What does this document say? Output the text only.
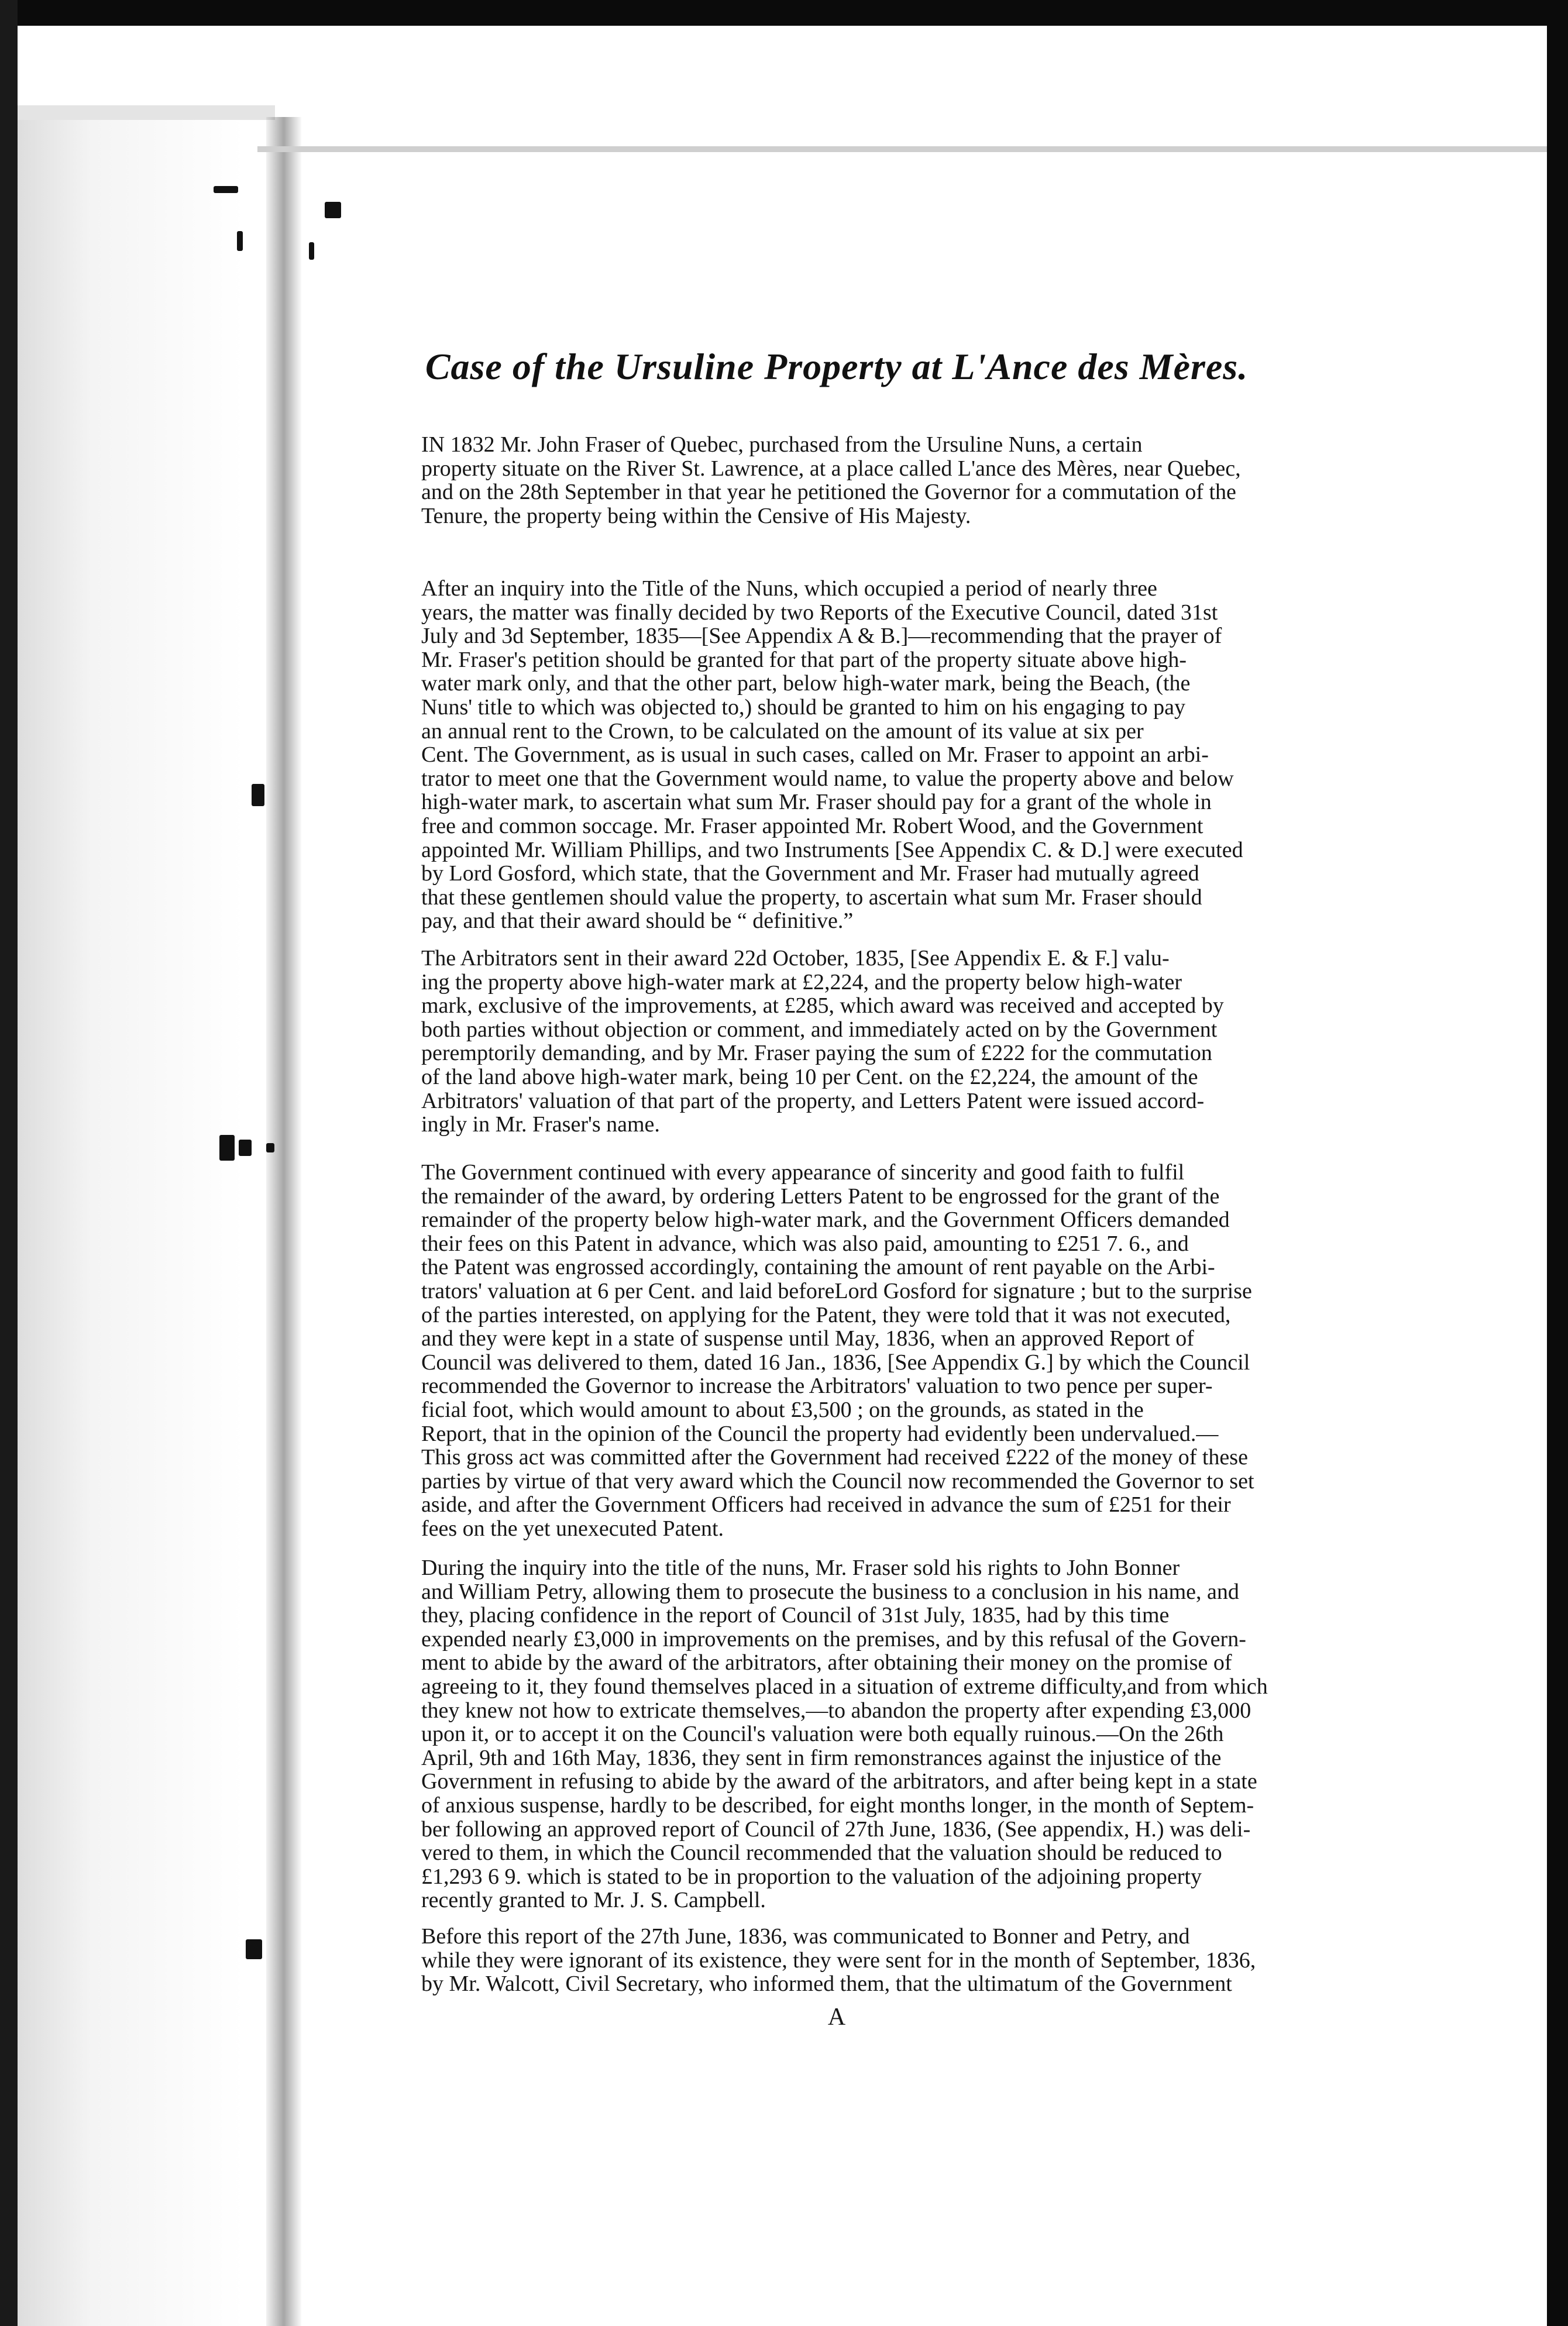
Case of the Ursuline Property at L'Ance des Mères.

IN 1832 Mr. John Fraser of Quebec, purchased from the Ursuline Nuns, a certain
property situate on the River St. Lawrence, at a place called L'ance des Mères, near Quebec,
and on the 28th September in that year he petitioned the Governor for a commutation of the
Tenure, the property being within the Censive of His Majesty.

After an inquiry into the Title of the Nuns, which occupied a period of nearly three
years, the matter was finally decided by two Reports of the Executive Council, dated 31st
July and 3d September, 1835—[See Appendix A & B.]—recommending that the prayer of
Mr. Fraser's petition should be granted for that part of the property situate above high-
water mark only, and that the other part, below high-water mark, being the Beach, (the
Nuns' title to which was objected to,) should be granted to him on his engaging to pay
an annual rent to the Crown, to be calculated on the amount of its value at six per
Cent. The Government, as is usual in such cases, called on Mr. Fraser to appoint an arbi-
trator to meet one that the Government would name, to value the property above and below
high-water mark, to ascertain what sum Mr. Fraser should pay for a grant of the whole in
free and common soccage. Mr. Fraser appointed Mr. Robert Wood, and the Government
appointed Mr. William Phillips, and two Instruments [See Appendix C. & D.] were executed
by Lord Gosford, which state, that the Government and Mr. Fraser had mutually agreed
that these gentlemen should value the property, to ascertain what sum Mr. Fraser should
pay, and that their award should be “ definitive.”

The Arbitrators sent in their award 22d October, 1835, [See Appendix E. & F.] valu-
ing the property above high-water mark at £2,224, and the property below high-water
mark, exclusive of the improvements, at £285, which award was received and accepted by
both parties without objection or comment, and immediately acted on by the Government
peremptorily demanding, and by Mr. Fraser paying the sum of £222 for the commutation
of the land above high-water mark, being 10 per Cent. on the £2,224, the amount of the
Arbitrators' valuation of that part of the property, and Letters Patent were issued accord-
ingly in Mr. Fraser's name.

The Government continued with every appearance of sincerity and good faith to fulfil
the remainder of the award, by ordering Letters Patent to be engrossed for the grant of the
remainder of the property below high-water mark, and the Government Officers demanded
their fees on this Patent in advance, which was also paid, amounting to £251 7. 6., and
the Patent was engrossed accordingly, containing the amount of rent payable on the Arbi-
trators' valuation at 6 per Cent. and laid beforeLord Gosford for signature ; but to the surprise
of the parties interested, on applying for the Patent, they were told that it was not executed,
and they were kept in a state of suspense until May, 1836, when an approved Report of
Council was delivered to them, dated 16 Jan., 1836, [See Appendix G.] by which the Council
recommended the Governor to increase the Arbitrators' valuation to two pence per super-
ficial foot, which would amount to about £3,500 ; on the grounds, as stated in the
Report, that in the opinion of the Council the property had evidently been undervalued.—
This gross act was committed after the Government had received £222 of the money of these
parties by virtue of that very award which the Council now recommended the Governor to set
aside, and after the Government Officers had received in advance the sum of £251 for their
fees on the yet unexecuted Patent.

During the inquiry into the title of the nuns, Mr. Fraser sold his rights to John Bonner
and William Petry, allowing them to prosecute the business to a conclusion in his name, and
they, placing confidence in the report of Council of 31st July, 1835, had by this time
expended nearly £3,000 in improvements on the premises, and by this refusal of the Govern-
ment to abide by the award of the arbitrators, after obtaining their money on the promise of
agreeing to it, they found themselves placed in a situation of extreme difficulty,and from which
they knew not how to extricate themselves,—to abandon the property after expending £3,000
upon it, or to accept it on the Council's valuation were both equally ruinous.—On the 26th
April, 9th and 16th May, 1836, they sent in firm remonstrances against the injustice of the
Government in refusing to abide by the award of the arbitrators, and after being kept in a state
of anxious suspense, hardly to be described, for eight months longer, in the month of Septem-
ber following an approved report of Council of 27th June, 1836, (See appendix, H.) was deli-
vered to them, in which the Council recommended that the valuation should be reduced to
£1,293 6 9. which is stated to be in proportion to the valuation of the adjoining property
recently granted to Mr. J. S. Campbell.

Before this report of the 27th June, 1836, was communicated to Bonner and Petry, and
while they were ignorant of its existence, they were sent for in the month of September, 1836,
by Mr. Walcott, Civil Secretary, who informed them, that the ultimatum of the Government

A
